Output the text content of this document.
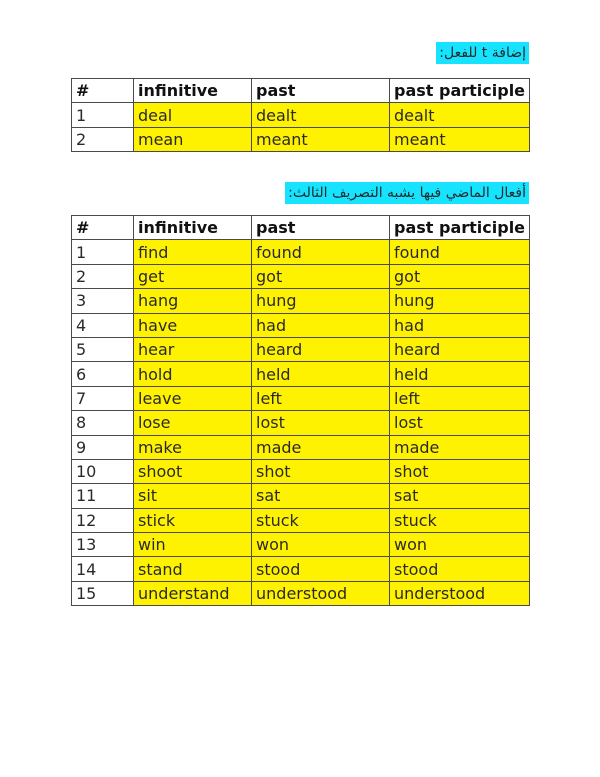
إضافة t للفعل:
#	infinitive	past	past participle
1	deal	dealt	dealt
2	mean	meant	meant
أفعال الماضي فيها يشبه التصريف الثالث:
#	infinitive	past	past participle
1	find	found	found
2	get	got	got
3	hang	hung	hung
4	have	had	had
5	hear	heard	heard
6	hold	held	held
7	leave	left	left
8	lose	lost	lost
9	make	made	made
10	shoot	shot	shot
11	sit	sat	sat
12	stick	stuck	stuck
13	win	won	won
14	stand	stood	stood
15	understand	understood	understood
